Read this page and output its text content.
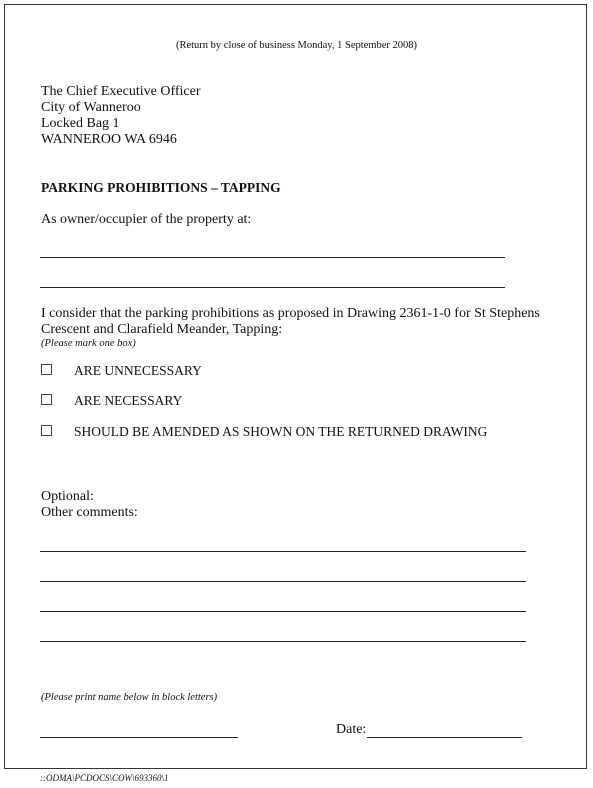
(Return by close of business Monday, 1 September 2008)
The Chief Executive Officer
City of Wanneroo
Locked Bag 1
WANNEROO WA 6946
PARKING PROHIBITIONS – TAPPING
As owner/occupier of the property at:
I consider that the parking prohibitions as proposed in Drawing 2361-1-0 for St Stephens
Crescent and Clarafield Meander, Tapping:
(Please mark one box)
ARE UNNECESSARY
ARE NECESSARY
SHOULD BE AMENDED AS SHOWN ON THE RETURNED DRAWING
Optional:
Other comments:
(Please print name below in block letters)
Date:
::ODMA\PCDOCS\COW\693360\1
